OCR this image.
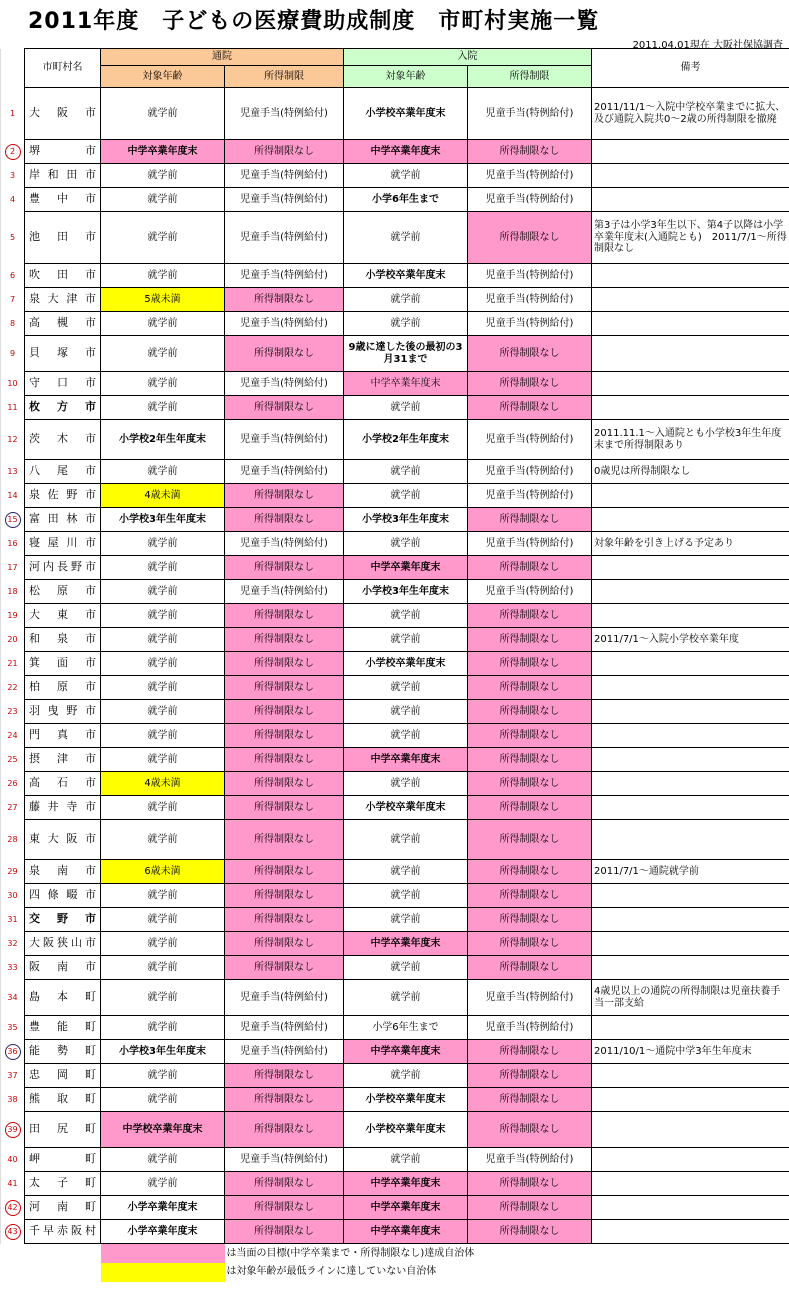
2011年度　子どもの医療費助成制度　市町村実施一覧
2011.04.01現在 大阪社保協調査
	市町村名	通院		入院		備考
		対象年齢	所得制限	対象年齢	所得制限	
1	大阪市	就学前	児童手当(特例給付)	小学校卒業年度末	児童手当(特例給付)	2011/11/1～入院中学校卒業までに拡大、及び通院入院共0～2歳の所得制限を撤廃
2	堺市	中学卒業年度末	所得制限なし	中学卒業年度末	所得制限なし	
3	岸和田市	就学前	児童手当(特例給付)	就学前	児童手当(特例給付)	
4	豊中市	就学前	児童手当(特例給付)	小学6年生まで	児童手当(特例給付)	
5	池田市	就学前	児童手当(特例給付)	就学前	所得制限なし	第3子は小学3年生以下、第4子以降は小学卒業年度末(入通院とも)　2011/7/1～所得制限なし
6	吹田市	就学前	児童手当(特例給付)	小学校卒業年度末	児童手当(特例給付)	
7	泉大津市	5歳未満	所得制限なし	就学前	児童手当(特例給付)	
8	高槻市	就学前	児童手当(特例給付)	就学前	児童手当(特例給付)	
9	貝塚市	就学前	所得制限なし	9歳に達した後の最初の3月31まで	所得制限なし	
10	守口市	就学前	児童手当(特例給付)	中学卒業年度末	所得制限なし	
11	枚方市	就学前	所得制限なし	就学前	所得制限なし	
12	茨木市	小学校2年生年度末	児童手当(特例給付)	小学校2年生年度末	児童手当(特例給付)	2011.11.1～入通院とも小学校3年生年度末まで所得制限あり
13	八尾市	就学前	児童手当(特例給付)	就学前	児童手当(特例給付)	0歳児は所得制限なし
14	泉佐野市	4歳未満	所得制限なし	就学前	児童手当(特例給付)	
15	富田林市	小学校3年生年度末	所得制限なし	小学校3年生年度末	所得制限なし	
16	寝屋川市	就学前	児童手当(特例給付)	就学前	児童手当(特例給付)	対象年齢を引き上げる予定あり
17	河内長野市	就学前	所得制限なし	中学卒業年度末	所得制限なし	
18	松原市	就学前	児童手当(特例給付)	小学校3年生年度末	児童手当(特例給付)	
19	大東市	就学前	所得制限なし	就学前	所得制限なし	
20	和泉市	就学前	所得制限なし	就学前	所得制限なし	2011/7/1～入院小学校卒業年度
21	箕面市	就学前	所得制限なし	小学校卒業年度末	所得制限なし	
22	柏原市	就学前	所得制限なし	就学前	所得制限なし	
23	羽曳野市	就学前	所得制限なし	就学前	所得制限なし	
24	門真市	就学前	所得制限なし	就学前	所得制限なし	
25	摂津市	就学前	所得制限なし	中学卒業年度末	所得制限なし	
26	高石市	4歳未満	所得制限なし	就学前	所得制限なし	
27	藤井寺市	就学前	所得制限なし	小学校卒業年度末	所得制限なし	
28	東大阪市	就学前	所得制限なし	就学前	所得制限なし	
29	泉南市	6歳未満	所得制限なし	就学前	所得制限なし	2011/7/1～通院就学前
30	四條畷市	就学前	所得制限なし	就学前	所得制限なし	
31	交野市	就学前	所得制限なし	就学前	所得制限なし	
32	大阪狭山市	就学前	所得制限なし	中学卒業年度末	所得制限なし	
33	阪南市	就学前	所得制限なし	就学前	所得制限なし	
34	島本町	就学前	児童手当(特例給付)	就学前	児童手当(特例給付)	4歳児以上の通院の所得制限は児童扶養手当一部支給
35	豊能町	就学前	児童手当(特例給付)	小学6年生まで	児童手当(特例給付)	
36	能勢町	小学校3年生年度末	児童手当(特例給付)	中学卒業年度末	所得制限なし	2011/10/1～通院中学3年生年度末
37	忠岡町	就学前	所得制限なし	就学前	所得制限なし	
38	熊取町	就学前	所得制限なし	小学校卒業年度末	所得制限なし	
39	田尻町	中学校卒業年度末	所得制限なし	小学校卒業年度末	所得制限なし	
40	岬町	就学前	児童手当(特例給付)	就学前	児童手当(特例給付)	
41	太子町	就学前	所得制限なし	中学卒業年度末	所得制限なし	
42	河南町	小学卒業年度末	所得制限なし	中学卒業年度末	所得制限なし	
43	千早赤阪村	小学卒業年度末	所得制限なし	中学卒業年度末	所得制限なし	
			は当面の目標(中学卒業まで・所得制限なし)達成自治体			
			は対象年齢が最低ラインに達していない自治体			
